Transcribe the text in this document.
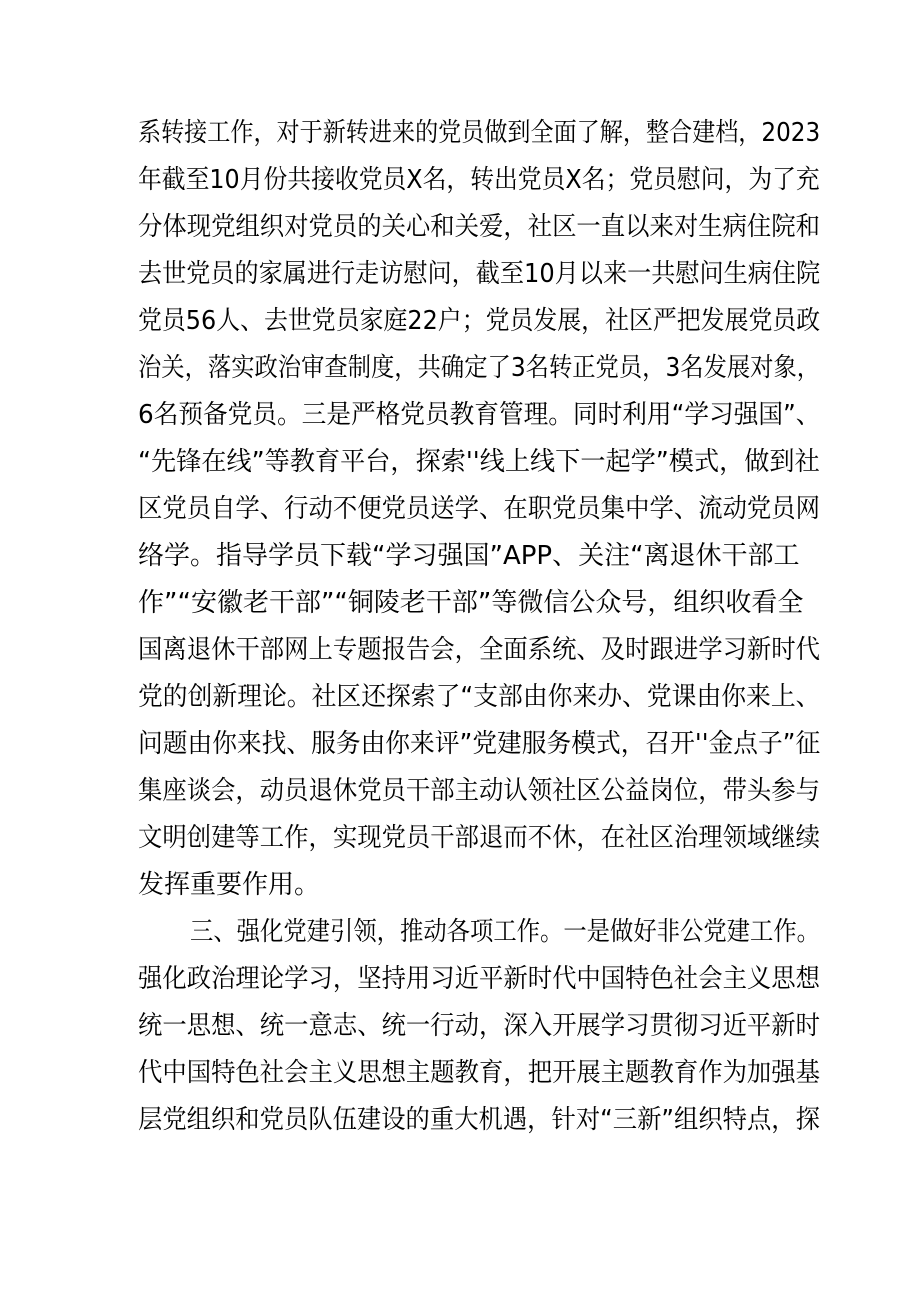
系转接工作，对于新转进来的党员做到全面了解，整合建档，2023
年截至10月份共接收党员X名，转出党员X名；党员慰问，为了充
分体现党组织对党员的关心和关爱，社区一直以来对生病住院和
去世党员的家属进行走访慰问，截至10月以来一共慰问生病住院
党员56人、去世党员家庭22户；党员发展，社区严把发展党员政
治关，落实政治审查制度，共确定了3名转正党员，3名发展对象，
6名预备党员。三是严格党员教育管理。同时利用“学习强国”、
“先锋在线”等教育平台，探索''线上线下一起学”模式，做到社
区党员自学、行动不便党员送学、在职党员集中学、流动党员网
络学。指导学员下载“学习强国”APP、关注“离退休干部工
作”“安徽老干部”“铜陵老干部”等微信公众号，组织收看全
国离退休干部网上专题报告会，全面系统、及时跟进学习新时代
党的创新理论。社区还探索了“支部由你来办、党课由你来上、
问题由你来找、服务由你来评”党建服务模式，召开''金点子”征
集座谈会，动员退休党员干部主动认领社区公益岗位，带头参与
文明创建等工作，实现党员干部退而不休，在社区治理领域继续
发挥重要作用。
三、强化党建引领，推动各项工作。一是做好非公党建工作。
强化政治理论学习，坚持用习近平新时代中国特色社会主义思想
统一思想、统一意志、统一行动，深入开展学习贯彻习近平新时
代中国特色社会主义思想主题教育，把开展主题教育作为加强基
层党组织和党员队伍建设的重大机遇，针对“三新”组织特点，探
